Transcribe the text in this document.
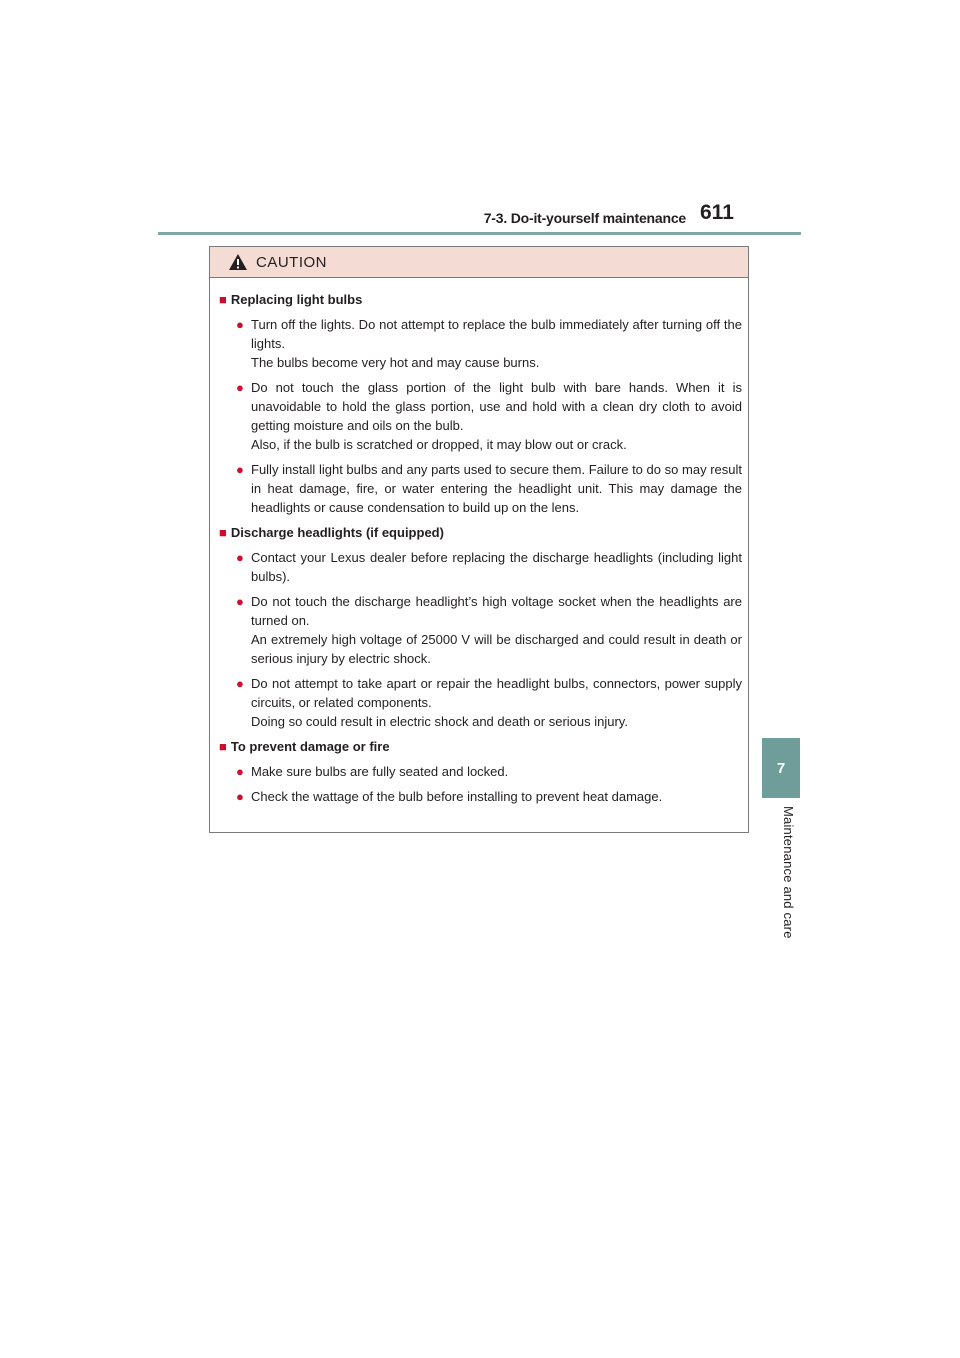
7-3. Do-it-yourself maintenance 611
7
Maintenance and care
CAUTION
■ Replacing light bulbs
● Turn off the lights. Do not attempt to replace the bulb immediately after turning off the lights.
The bulbs become very hot and may cause burns.
● Do not touch the glass portion of the light bulb with bare hands. When it is unavoidable to hold the glass portion, use and hold with a clean dry cloth to avoid getting moisture and oils on the bulb.
Also, if the bulb is scratched or dropped, it may blow out or crack.
● Fully install light bulbs and any parts used to secure them. Failure to do so may result in heat damage, fire, or water entering the headlight unit. This may damage the headlights or cause condensation to build up on the lens.
■ Discharge headlights (if equipped)
● Contact your Lexus dealer before replacing the discharge headlights (including light bulbs).
● Do not touch the discharge headlight’s high voltage socket when the headlights are turned on.
An extremely high voltage of 25000 V will be discharged and could result in death or serious injury by electric shock.
● Do not attempt to take apart or repair the headlight bulbs, connectors, power supply circuits, or related components.
Doing so could result in electric shock and death or serious injury.
■ To prevent damage or fire
● Make sure bulbs are fully seated and locked.
● Check the wattage of the bulb before installing to prevent heat damage.
